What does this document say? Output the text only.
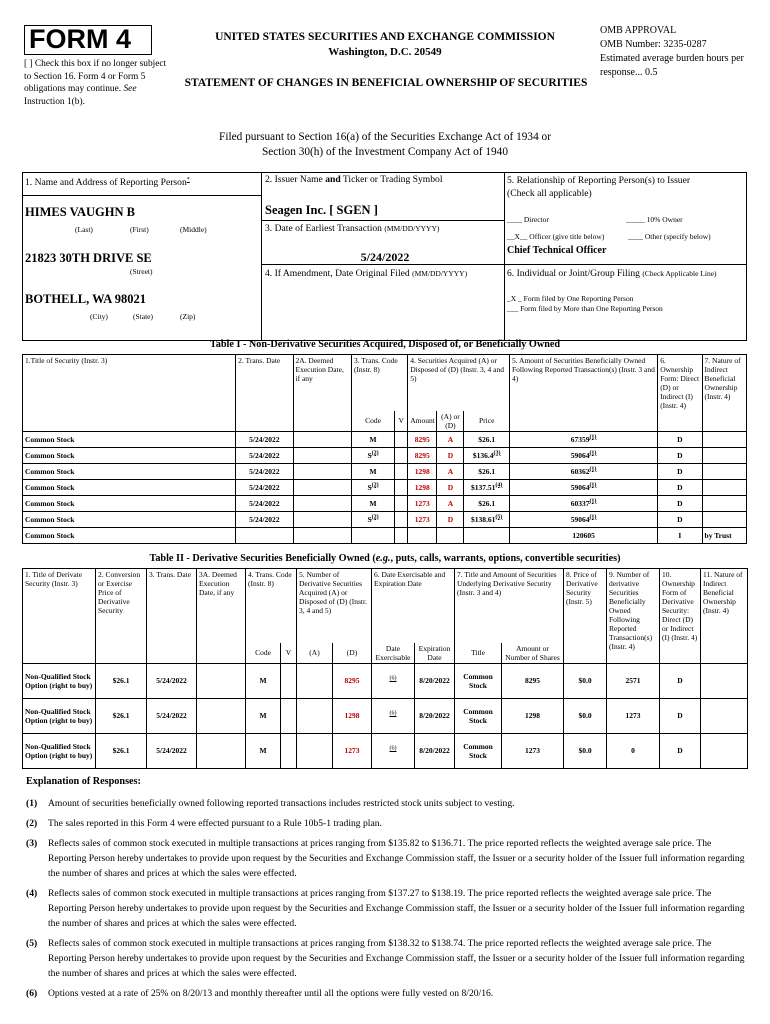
FORM 4
[ ] Check this box if no longer subject to Section 16. Form 4 or Form 5 obligations may continue. See Instruction 1(b).
UNITED STATES SECURITIES AND EXCHANGE COMMISSION
Washington, D.C. 20549
STATEMENT OF CHANGES IN BENEFICIAL OWNERSHIP OF SECURITIES
OMB APPROVAL
OMB Number: 3235-0287
Estimated average burden hours per response... 0.5
Filed pursuant to Section 16(a) of the Securities Exchange Act of 1934 or
Section 30(h) of the Investment Company Act of 1940
1. Name and Address of Reporting Person*
HIMES VAUGHN B
(Last)	(First)	(Middle)
21823 30TH DRIVE SE
(Street)
BOTHELL, WA 98021
(City)	(State)	(Zip)
2. Issuer Name and Ticker or Trading Symbol
Seagen Inc. [ SGEN ]
3. Date of Earliest Transaction (MM/DD/YYYY)
5/24/2022
4. If Amendment, Date Original Filed (MM/DD/YYYY)
5. Relationship of Reporting Person(s) to Issuer
(Check all applicable)
____ Director	_____ 10% Owner
__X__ Officer (give title below)	____ Other (specify below)
Chief Technical Officer
6. Individual or Joint/Group Filing (Check Applicable Line)
_X _ Form filed by One Reporting Person
___ Form filed by More than One Reporting Person
Table I - Non-Derivative Securities Acquired, Disposed of, or Beneficially Owned
1.Title of Security (Instr. 3)	2. Trans. Date	2A. Deemed Execution Date, if any	3. Trans. Code (Instr. 8)		4. Securities Acquired (A) or Disposed of (D) (Instr. 3, 4 and 5)			5. Amount of Securities Beneficially Owned Following Reported Transaction(s) (Instr. 3 and 4)	6. Ownership Form: Direct (D) or Indirect (I) (Instr. 4)	7. Nature of Indirect Beneficial Ownership (Instr. 4)
			Code	V	Amount	(A) or (D)	Price			
Common Stock	5/24/2022		M		8295	A	$26.1	67359$^{(1)}$	D	
Common Stock	5/24/2022		$S^{(2)}$		8295	D	$136.4$^{(3)}$	59064$^{(1)}$	D	
Common Stock	5/24/2022		M		1298	A	$26.1	60362$^{(1)}$	D	
Common Stock	5/24/2022		$S^{(2)}$		1298	D	$137.51$^{(4)}$	59064$^{(1)}$	D	
Common Stock	5/24/2022		M		1273	A	$26.1	60337$^{(1)}$	D	
Common Stock	5/24/2022		$S^{(2)}$		1273	D	$138.61$^{(5)}$	59064$^{(1)}$	D	
Common Stock								120605	I	by Trust
Table II - Derivative Securities Beneficially Owned (e.g., puts, calls, warrants, options, convertible securities)
1. Title of Derivate Security (Instr. 3)	2. Conversion or Exercise Price of Derivative Security	3. Trans. Date	3A. Deemed Execution Date, if any	4. Trans. Code (Instr. 8)		5. Number of Derivative Securities Acquired (A) or Disposed of (D) (Instr. 3, 4 and 5)		6. Date Exercisable and Expiration Date		7. Title and Amount of Securities Underlying Derivative Security (Instr. 3 and 4)		8. Price of Derivative Security (Instr. 5)	9. Number of derivative Securities Beneficially Owned Following Reported Transaction(s) (Instr. 4)	10. Ownership Form of Derivative Security: Direct (D) or Indirect (I) (Instr. 4)	11. Nature of Indirect Beneficial Ownership (Instr. 4)
				Code	V	(A)	(D)	Date Exercisable	Expiration Date	Title	Amount or Number of Shares				
Non-Qualified Stock Option (right to buy)	$26.1	5/24/2022		M			8295	$^{(6)}$	8/20/2022	Common Stock	8295	$0.0	2571	D	
Non-Qualified Stock Option (right to buy)	$26.1	5/24/2022		M			1298	$^{(6)}$	8/20/2022	Common Stock	1298	$0.0	1273	D	
Non-Qualified Stock Option (right to buy)	$26.1	5/24/2022		M			1273	$^{(6)}$	8/20/2022	Common Stock	1273	$0.0	0	D	
Explanation of Responses:

(1) Amount of securities beneficially owned following reported transactions includes restricted stock units subject to vesting.

(2) The sales reported in this Form 4 were effected pursuant to a Rule 10b5-1 trading plan.

(3) Reflects sales of common stock executed in multiple transactions at prices ranging from $135.82 to $136.71. The price reported reflects the weighted average sale price. The Reporting Person hereby undertakes to provide upon request by the Securities and Exchange Commission staff, the Issuer or a security holder of the Issuer full information regarding the number of shares and prices at which the sales were effected.

(4) Reflects sales of common stock executed in multiple transactions at prices ranging from $137.27 to $138.19. The price reported reflects the weighted average sale price. The Reporting Person hereby undertakes to provide upon request by the Securities and Exchange Commission staff, the Issuer or a security holder of the Issuer full information regarding the number of shares and prices at which the sales were effected.

(5) Reflects sales of common stock executed in multiple transactions at prices ranging from $138.32 to $138.74. The price reported reflects the weighted average sale price. The Reporting Person hereby undertakes to provide upon request by the Securities and Exchange Commission staff, the Issuer or a security holder of the Issuer full information regarding the number of shares and prices at which the sales were effected.

(6) Options vested at a rate of 25% on 8/20/13 and monthly thereafter until all the options were fully vested on 8/20/16.
